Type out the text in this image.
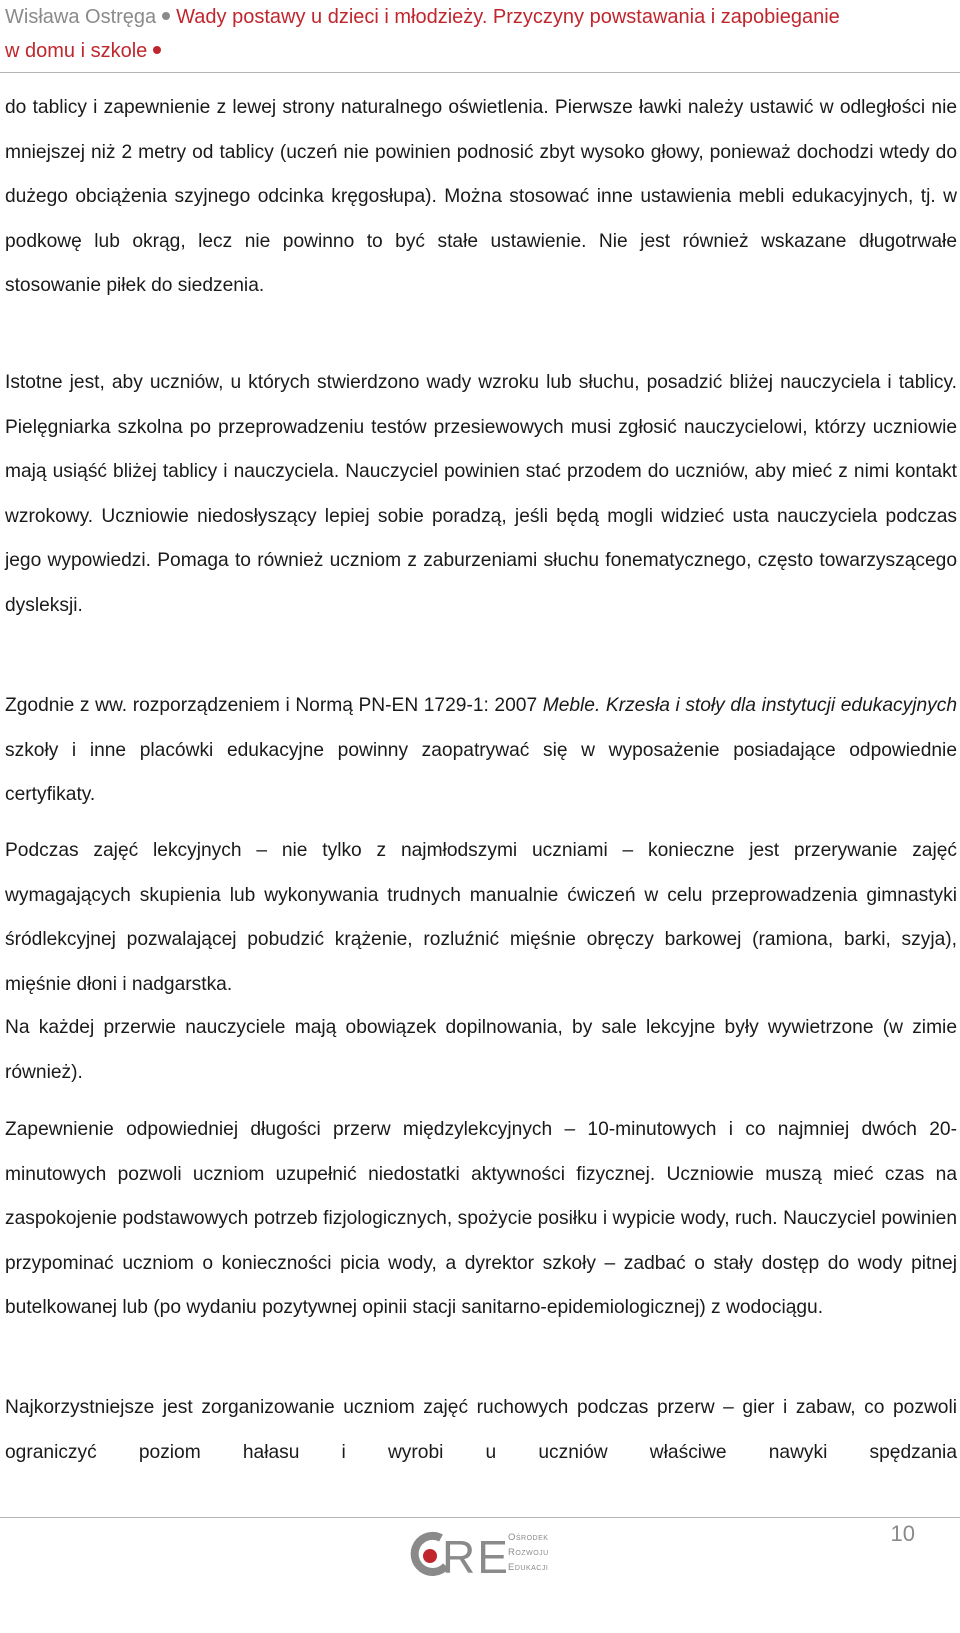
Wisława Ostręga Wady postawy u dzieci i młodzieży. Przyczyny powstawania i zapobieganie
w domu i szkole

do tablicy i zapewnienie z lewej strony naturalnego oświetlenia. Pierwsze ławki należy ustawić w odległości nie mniejszej niż 2 metry od tablicy (uczeń nie powinien podnosić zbyt wysoko głowy, ponieważ dochodzi wtedy do dużego obciążenia szyjnego odcinka kręgosłupa). Można stosować inne ustawienia mebli edukacyjnych, tj. w podkowę lub okrąg, lecz nie powinno to być stałe ustawienie. Nie jest również wskazane długotrwałe stosowanie piłek do siedzenia.

Istotne jest, aby uczniów, u których stwierdzono wady wzroku lub słuchu, posadzić bliżej nauczyciela i tablicy. Pielęgniarka szkolna po przeprowadzeniu testów przesiewowych musi zgłosić nauczycielowi, którzy uczniowie mają usiąść bliżej tablicy i nauczyciela. Nauczyciel powinien stać przodem do uczniów, aby mieć z nimi kontakt wzrokowy. Uczniowie niedosłyszący lepiej sobie poradzą, jeśli będą mogli widzieć usta nauczyciela podczas jego wypowiedzi. Pomaga to również uczniom z zaburzeniami słuchu fonematycznego, często towarzyszącego dysleksji.

Zgodnie z ww. rozporządzeniem i Normą PN-EN 1729-1: 2007 Meble. Krzesła i stoły dla instytucji edukacyjnych szkoły i inne placówki edukacyjne powinny zaopatrywać się w wyposażenie posiadające odpowiednie certyfikaty.

Podczas zajęć lekcyjnych – nie tylko z najmłodszymi uczniami – konieczne jest przerywanie zajęć wymagających skupienia lub wykonywania trudnych manualnie ćwiczeń w celu przeprowadzenia gimnastyki śródlekcyjnej pozwalającej pobudzić krążenie, rozluźnić mięśnie obręczy barkowej (ramiona, barki, szyja), mięśnie dłoni i nadgarstka.

Na każdej przerwie nauczyciele mają obowiązek dopilnowania, by sale lekcyjne były wywietrzone (w zimie również).

Zapewnienie odpowiedniej długości przerw międzylekcyjnych – 10-minutowych i co najmniej dwóch 20-minutowych pozwoli uczniom uzupełnić niedostatki aktywności fizycznej. Uczniowie muszą mieć czas na zaspokojenie podstawowych potrzeb fizjologicznych, spożycie posiłku i wypicie wody, ruch. Nauczyciel powinien przypominać uczniom o konieczności picia wody, a dyrektor szkoły – zadbać o stały dostęp do wody pitnej butelkowanej lub (po wydaniu pozytywnej opinii stacji sanitarno-epidemiologicznej) z wodociągu.

Najkorzystniejsze jest zorganizowanie uczniom zajęć ruchowych podczas przerw – gier i zabaw, co pozwoli ograniczyć poziom hałasu i wyrobi u uczniów właściwe nawyki spędzania

RE
Ośrodek
Rozwoju
Edukacji
10
